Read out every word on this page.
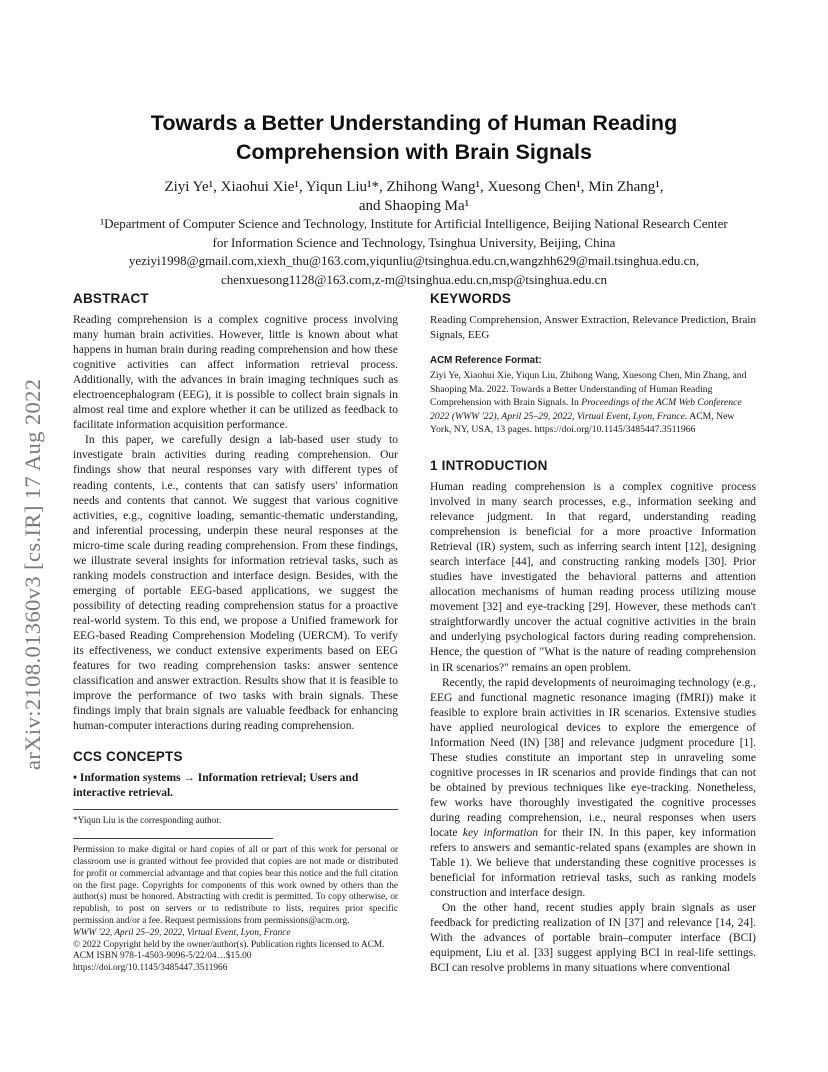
arXiv:2108.01360v3 [cs.IR] 17 Aug 2022
Towards a Better Understanding of Human Reading
Comprehension with Brain Signals
Ziyi Ye¹, Xiaohui Xie¹, Yiqun Liu¹*, Zhihong Wang¹, Xuesong Chen¹, Min Zhang¹,
and Shaoping Ma¹
¹Department of Computer Science and Technology, Institute for Artificial Intelligence, Beijing National Research Center
for Information Science and Technology, Tsinghua University, Beijing, China
yeziyi1998@gmail.com,xiexh_thu@163.com,yiqunliu@tsinghua.edu.cn,wangzhh629@mail.tsinghua.edu.cn,
chenxuesong1128@163.com,z-m@tsinghua.edu.cn,msp@tsinghua.edu.cn
ABSTRACT

Reading comprehension is a complex cognitive process involving many human brain activities. However, little is known about what happens in human brain during reading comprehension and how these cognitive activities can affect information retrieval process. Additionally, with the advances in brain imaging techniques such as electroencephalogram (EEG), it is possible to collect brain signals in almost real time and explore whether it can be utilized as feedback to facilitate information acquisition performance.

In this paper, we carefully design a lab-based user study to investigate brain activities during reading comprehension. Our findings show that neural responses vary with different types of reading contents, i.e., contents that can satisfy users' information needs and contents that cannot. We suggest that various cognitive activities, e.g., cognitive loading, semantic-thematic understanding, and inferential processing, underpin these neural responses at the micro-time scale during reading comprehension. From these findings, we illustrate several insights for information retrieval tasks, such as ranking models construction and interface design. Besides, with the emerging of portable EEG-based applications, we suggest the possibility of detecting reading comprehension status for a proactive real-world system. To this end, we propose a Unified framework for EEG-based Reading Comprehension Modeling (UERCM). To verify its effectiveness, we conduct extensive experiments based on EEG features for two reading comprehension tasks: answer sentence classification and answer extraction. Results show that it is feasible to improve the performance of two tasks with brain signals. These findings imply that brain signals are valuable feedback for enhancing human-computer interactions during reading comprehension.

CCS CONCEPTS
• Information systems → Information retrieval; Users and interactive retrieval.
*Yiqun Liu is the corresponding author.
Permission to make digital or hard copies of all or part of this work for personal or classroom use is granted without fee provided that copies are not made or distributed for profit or commercial advantage and that copies bear this notice and the full citation on the first page. Copyrights for components of this work owned by others than the author(s) must be honored. Abstracting with credit is permitted. To copy otherwise, or republish, to post on servers or to redistribute to lists, requires prior specific permission and/or a fee. Request permissions from permissions@acm.org.
WWW '22, April 25–29, 2022, Virtual Event, Lyon, France
© 2022 Copyright held by the owner/author(s). Publication rights licensed to ACM.
ACM ISBN 978-1-4503-9096-5/22/04…$15.00
https://doi.org/10.1145/3485447.3511966
KEYWORDS
Reading Comprehension, Answer Extraction, Relevance Prediction, Brain Signals, EEG
ACM Reference Format:
Ziyi Ye, Xiaohui Xie, Yiqun Liu, Zhihong Wang, Xuesong Chen, Min Zhang, and Shaoping Ma. 2022. Towards a Better Understanding of Human Reading Comprehension with Brain Signals. In Proceedings of the ACM Web Conference 2022 (WWW '22), April 25–29, 2022, Virtual Event, Lyon, France. ACM, New York, NY, USA, 13 pages. https://doi.org/10.1145/3485447.3511966
1 INTRODUCTION

Human reading comprehension is a complex cognitive process involved in many search processes, e.g., information seeking and relevance judgment. In that regard, understanding reading comprehension is beneficial for a more proactive Information Retrieval (IR) system, such as inferring search intent [12], designing search interface [44], and constructing ranking models [30]. Prior studies have investigated the behavioral patterns and attention allocation mechanisms of human reading process utilizing mouse movement [32] and eye-tracking [29]. However, these methods can't straightforwardly uncover the actual cognitive activities in the brain and underlying psychological factors during reading comprehension. Hence, the question of "What is the nature of reading comprehension in IR scenarios?" remains an open problem.

Recently, the rapid developments of neuroimaging technology (e.g., EEG and functional magnetic resonance imaging (fMRI)) make it feasible to explore brain activities in IR scenarios. Extensive studies have applied neurological devices to explore the emergence of Information Need (IN) [38] and relevance judgment procedure [1]. These studies constitute an important step in unraveling some cognitive processes in IR scenarios and provide findings that can not be obtained by previous techniques like eye-tracking. Nonetheless, few works have thoroughly investigated the cognitive processes during reading comprehension, i.e., neural responses when users locate key information for their IN. In this paper, key information refers to answers and semantic-related spans (examples are shown in Table 1). We believe that understanding these cognitive processes is beneficial for information retrieval tasks, such as ranking models construction and interface design.

On the other hand, recent studies apply brain signals as user feedback for predicting realization of IN [37] and relevance [14, 24]. With the advances of portable brain–computer interface (BCI) equipment, Liu et al. [33] suggest applying BCI in real-life settings. BCI can resolve problems in many situations where conventional
